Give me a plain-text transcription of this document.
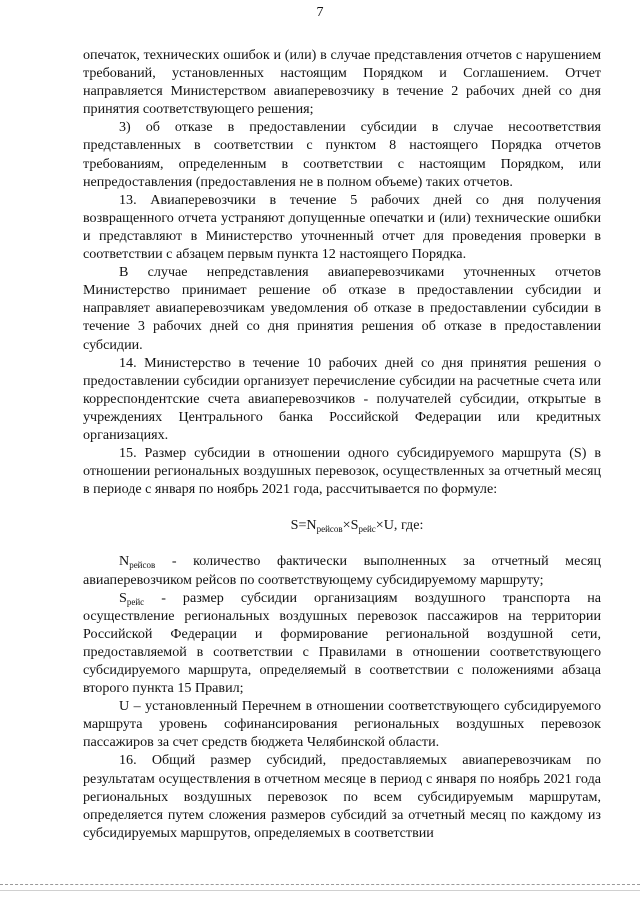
7

опечаток, технических ошибок и (или) в случае представления отчетов с нарушением требований, установленных настоящим Порядком и Соглашением. Отчет направляется Министерством авиаперевозчику в течение 2 рабочих дней со дня принятия соответствующего решения;

3) об отказе в предоставлении субсидии в случае несоответствия представленных в соответствии с пунктом 8 настоящего Порядка отчетов требованиям, определенным в соответствии с настоящим Порядком, или непредоставления (предоставления не в полном объеме) таких отчетов.

13. Авиаперевозчики в течение 5 рабочих дней со дня получения возвращенного отчета устраняют допущенные опечатки и (или) технические ошибки и представляют в Министерство уточненный отчет для проведения проверки в соответствии с абзацем первым пункта 12 настоящего Порядка.

В случае непредставления авиаперевозчиками уточненных отчетов Министерство принимает решение об отказе в предоставлении субсидии и направляет авиаперевозчикам уведомления об отказе в предоставлении субсидии в течение 3 рабочих дней со дня принятия решения об отказе в предоставлении субсидии.

14. Министерство в течение 10 рабочих дней со дня принятия решения о предоставлении субсидии организует перечисление субсидии на расчетные счета или корреспондентские счета авиаперевозчиков - получателей субсидии, открытые в учреждениях Центрального банка Российской Федерации или кредитных организациях.

15. Размер субсидии в отношении одного субсидируемого маршрута (S) в отношении региональных воздушных перевозок, осуществленных за отчетный месяц в периоде с января по ноябрь 2021 года, рассчитывается по формуле:

$S=N_{рейсов}\times S_{рейс}\times U$, где:

$N_{рейсов}$ - количество фактически выполненных за отчетный месяц авиаперевозчиком рейсов по соответствующему субсидируемому маршруту;

$S_{рейс}$ - размер субсидии организациям воздушного транспорта на осуществление региональных воздушных перевозок пассажиров на территории Российской Федерации и формирование региональной воздушной сети, предоставляемой в соответствии с Правилами в отношении соответствующего субсидируемого маршрута, определяемый в соответствии с положениями абзаца второго пункта 15 Правил;

U – установленный Перечнем в отношении соответствующего субсидируемого маршрута уровень софинансирования региональных воздушных перевозок пассажиров за счет средств бюджета Челябинской области.

16. Общий размер субсидий, предоставляемых авиаперевозчикам по результатам осуществления в отчетном месяце в период с января по ноябрь 2021 года региональных воздушных перевозок по всем субсидируемым маршрутам, определяется путем сложения размеров субсидий за отчетный месяц по каждому из субсидируемых маршрутов, определяемых в соответствии
